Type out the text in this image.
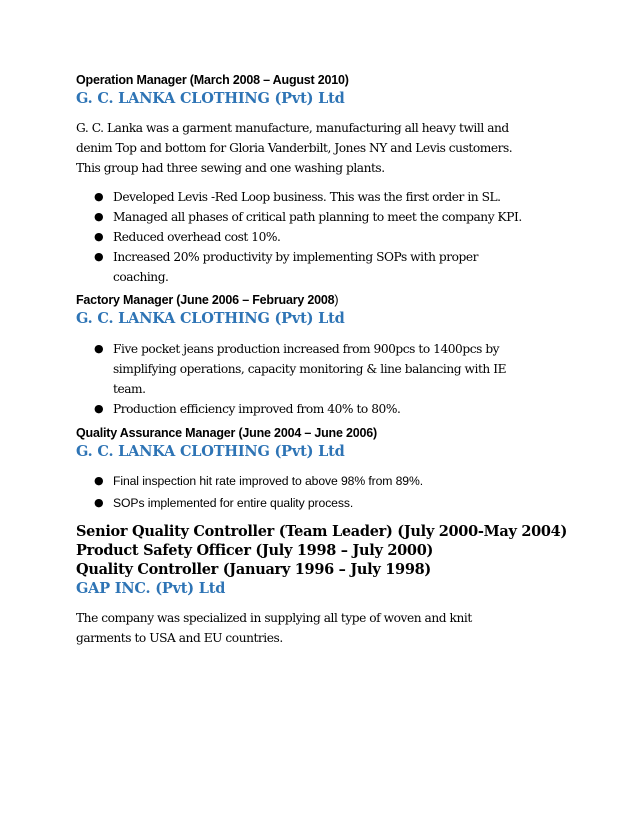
Operation Manager (March 2008 – August 2010)

G. C. LANKA CLOTHING (Pvt) Ltd

G. C. Lanka was a garment manufacture, manufacturing all heavy twill and
denim Top and bottom for Gloria Vanderbilt, Jones NY and Levis customers.
This group had three sewing and one washing plants.

● Developed Levis -Red Loop business. This was the first order in SL.
● Managed all phases of critical path planning to meet the company KPI.
● Reduced overhead cost 10%.
● Increased 20% productivity by implementing SOPs with proper
coaching.

Factory Manager (June 2006 – February 2008)

G. C. LANKA CLOTHING (Pvt) Ltd

● Five pocket jeans production increased from 900pcs to 1400pcs by
simplifying operations, capacity monitoring & line balancing with IE
team.
● Production efficiency improved from 40% to 80%.

Quality Assurance Manager (June 2004 – June 2006)

G. C. LANKA CLOTHING (Pvt) Ltd

● Final inspection hit rate improved to above 98% from 89%.
● SOPs implemented for entire quality process.

Senior Quality Controller (Team Leader) (July 2000-May 2004)

Product Safety Officer (July 1998 – July 2000)

Quality Controller (January 1996 – July 1998)

GAP INC. (Pvt) Ltd

The company was specialized in supplying all type of woven and knit
garments to USA and EU countries.
